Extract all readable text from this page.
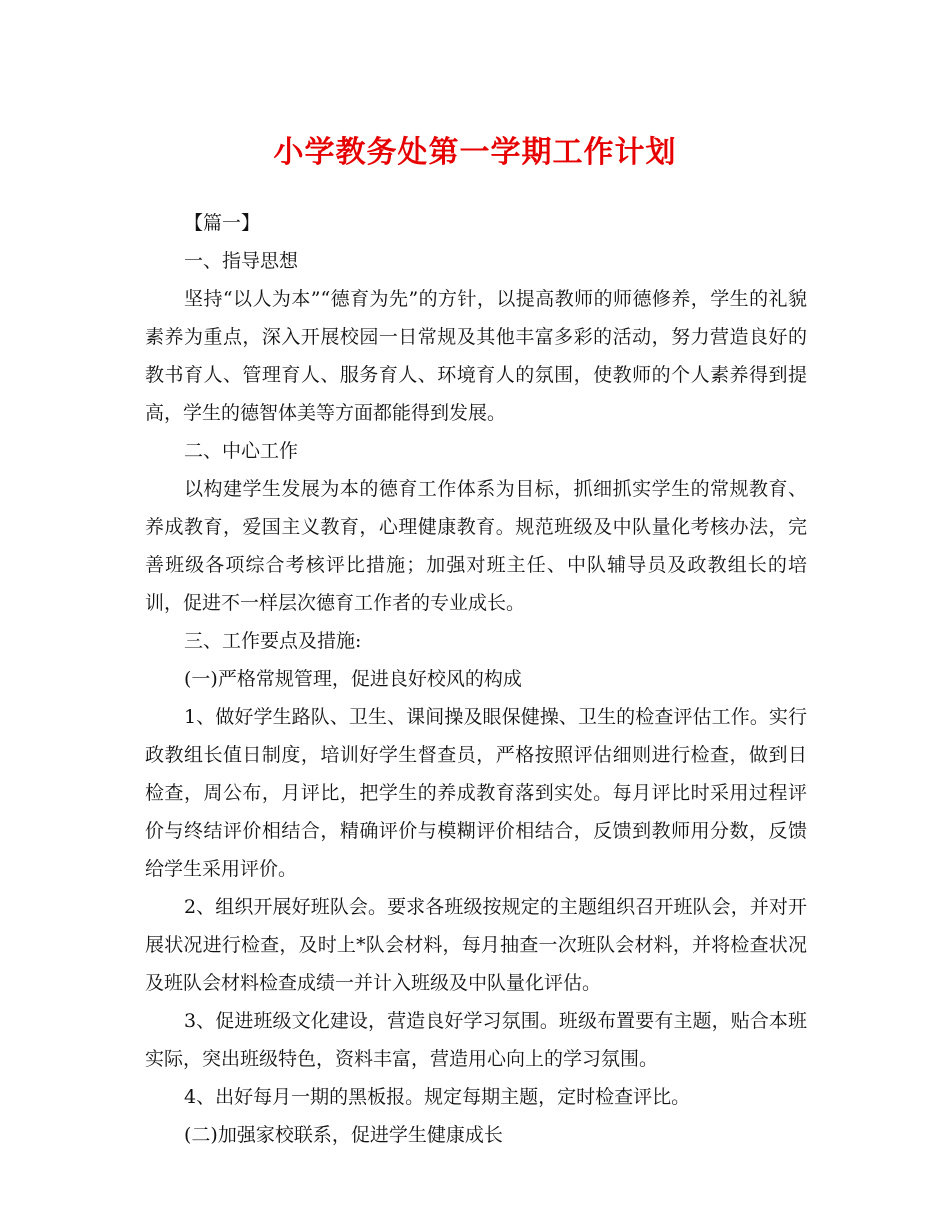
小学教务处第一学期工作计划

【篇一】

一、指导思想

坚持“以人为本”“德育为先”的方针，以提高教师的师德修养，学生的礼貌素养为重点，深入开展校园一日常规及其他丰富多彩的活动，努力营造良好的教书育人、管理育人、服务育人、环境育人的氛围，使教师的个人素养得到提高，学生的德智体美等方面都能得到发展。

二、中心工作

以构建学生发展为本的德育工作体系为目标，抓细抓实学生的常规教育、养成教育，爱国主义教育，心理健康教育。规范班级及中队量化考核办法，完善班级各项综合考核评比措施；加强对班主任、中队辅导员及政教组长的培训，促进不一样层次德育工作者的专业成长。

三、工作要点及措施:

(一)严格常规管理，促进良好校风的构成

1、做好学生路队、卫生、课间操及眼保健操、卫生的检查评估工作。实行政教组长值日制度，培训好学生督查员，严格按照评估细则进行检查，做到日检查，周公布，月评比，把学生的养成教育落到实处。每月评比时采用过程评价与终结评价相结合，精确评价与模糊评价相结合，反馈到教师用分数，反馈给学生采用评价。

2、组织开展好班队会。要求各班级按规定的主题组织召开班队会，并对开展状况进行检查，及时上*队会材料，每月抽查一次班队会材料，并将检查状况及班队会材料检查成绩一并计入班级及中队量化评估。

3、促进班级文化建设，营造良好学习氛围。班级布置要有主题，贴合本班实际，突出班级特色，资料丰富，营造用心向上的学习氛围。

4、出好每月一期的黑板报。规定每期主题，定时检查评比。

(二)加强家校联系，促进学生健康成长
